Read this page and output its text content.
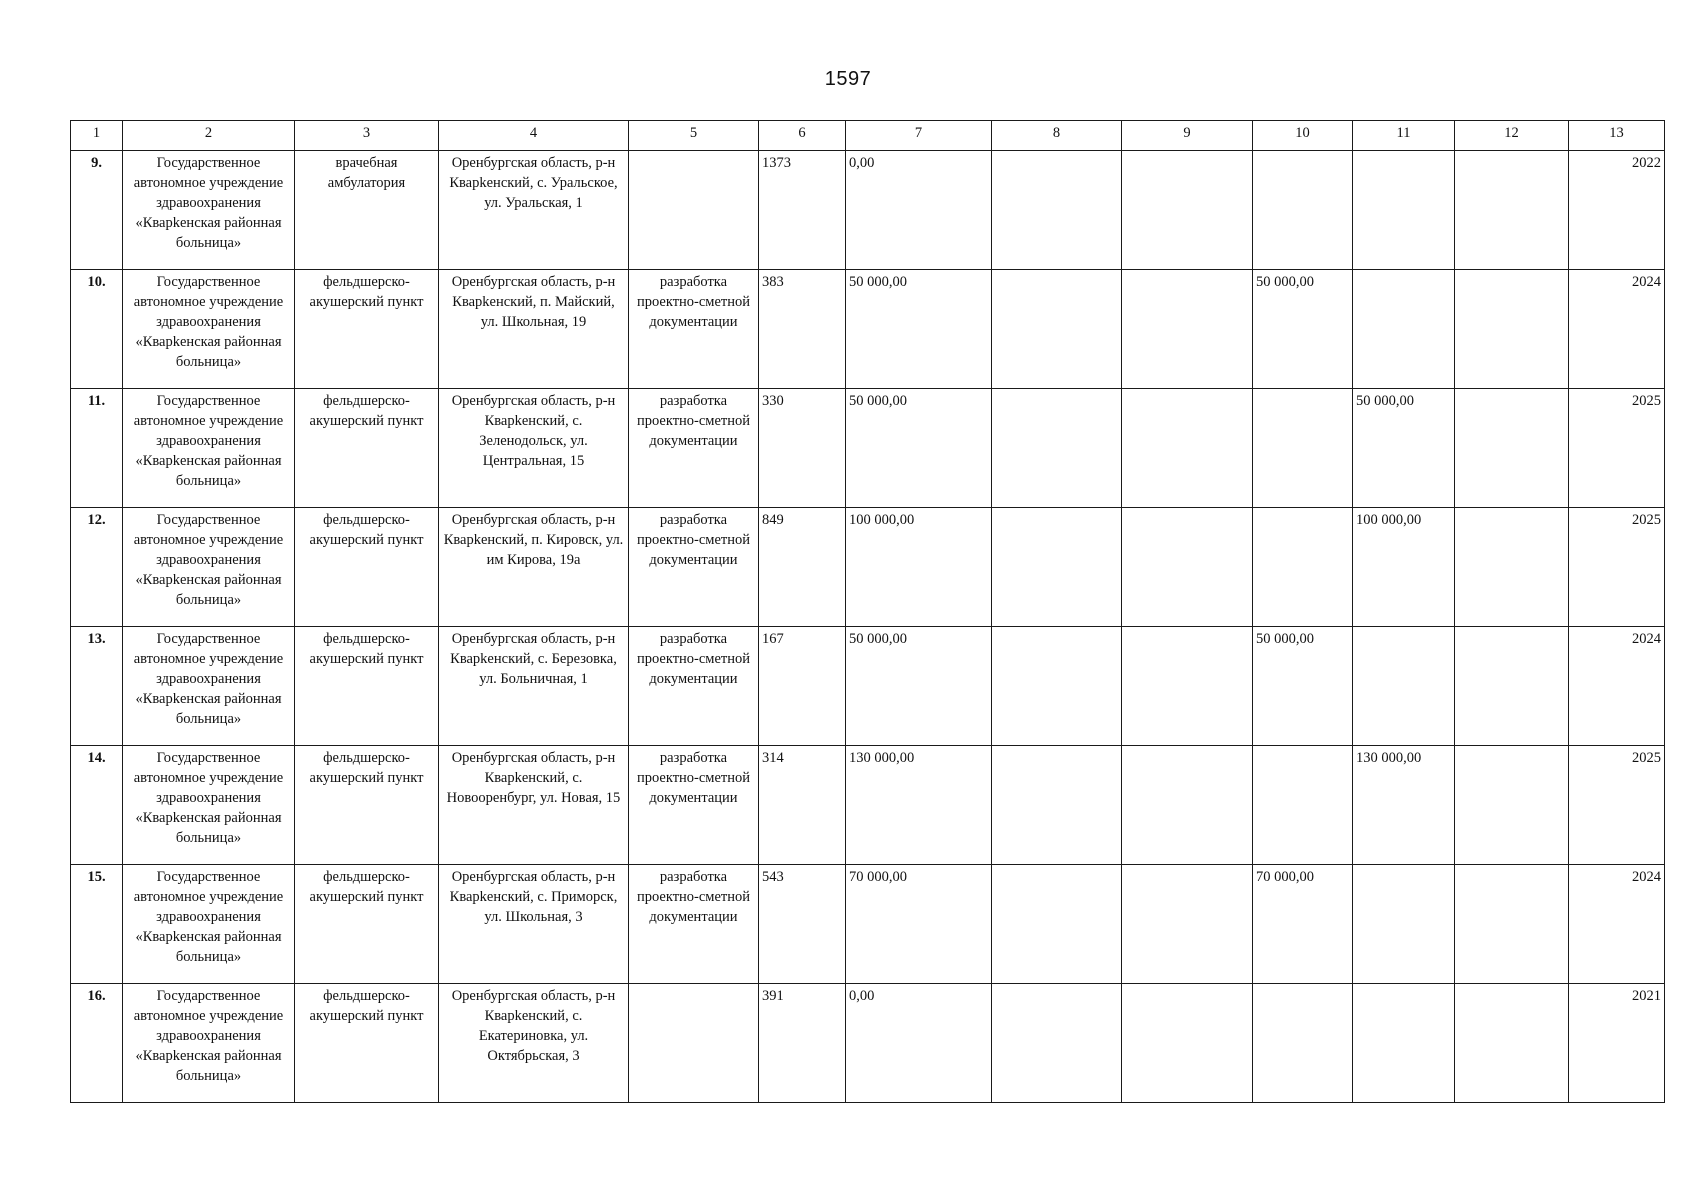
1597
1	2	3	4	5	6	7	8	9	10	11	12	13
9.	Государственное автономное учреждение здравоохранения «Кварkенская районная больница»	врачебная амбулатория	Оренбургская область, р-н Кварkенский, с. Уральское, ул. Уральская, 1		1373	0,00						2022
10.	Государственное автономное учреждение здравоохранения «Кварkенская районная больница»	фельдшерско-акушерский пункт	Оренбургская область, р-н Кварkенский, п. Майский, ул. Школьная, 19	разработка проектно-сметной документации	383	50 000,00			50 000,00			2024
11.	Государственное автономное учреждение здравоохранения «Кварkенская районная больница»	фельдшерско-акушерский пункт	Оренбургская область, р-н Кварkенский, с. Зеленодольск, ул. Центральная, 15	разработка проектно-сметной документации	330	50 000,00				50 000,00		2025
12.	Государственное автономное учреждение здравоохранения «Кварkенская районная больница»	фельдшерско-акушерский пункт	Оренбургская область, р-н Кварkенский, п. Кировск, ул. им Кирова, 19а	разработка проектно-сметной документации	849	100 000,00				100 000,00		2025
13.	Государственное автономное учреждение здравоохранения «Кварkенская районная больница»	фельдшерско-акушерский пункт	Оренбургская область, р-н Кварkенский, с. Березовка, ул. Больничная, 1	разработка проектно-сметной документации	167	50 000,00			50 000,00			2024
14.	Государственное автономное учреждение здравоохранения «Кварkенская районная больница»	фельдшерско-акушерский пункт	Оренбургская область, р-н Кварkенский, с. Новооренбург, ул. Новая, 15	разработка проектно-сметной документации	314	130 000,00				130 000,00		2025
15.	Государственное автономное учреждение здравоохранения «Кварkенская районная больница»	фельдшерско-акушерский пункт	Оренбургская область, р-н Кварkенский, с. Приморск, ул. Школьная, 3	разработка проектно-сметной документации	543	70 000,00			70 000,00			2024
16.	Государственное автономное учреждение здравоохранения «Кварkенская районная больница»	фельдшерско-акушерский пункт	Оренбургская область, р-н Кварkенский, с. Екатериновка, ул. Октябрьская, 3		391	0,00						2021
